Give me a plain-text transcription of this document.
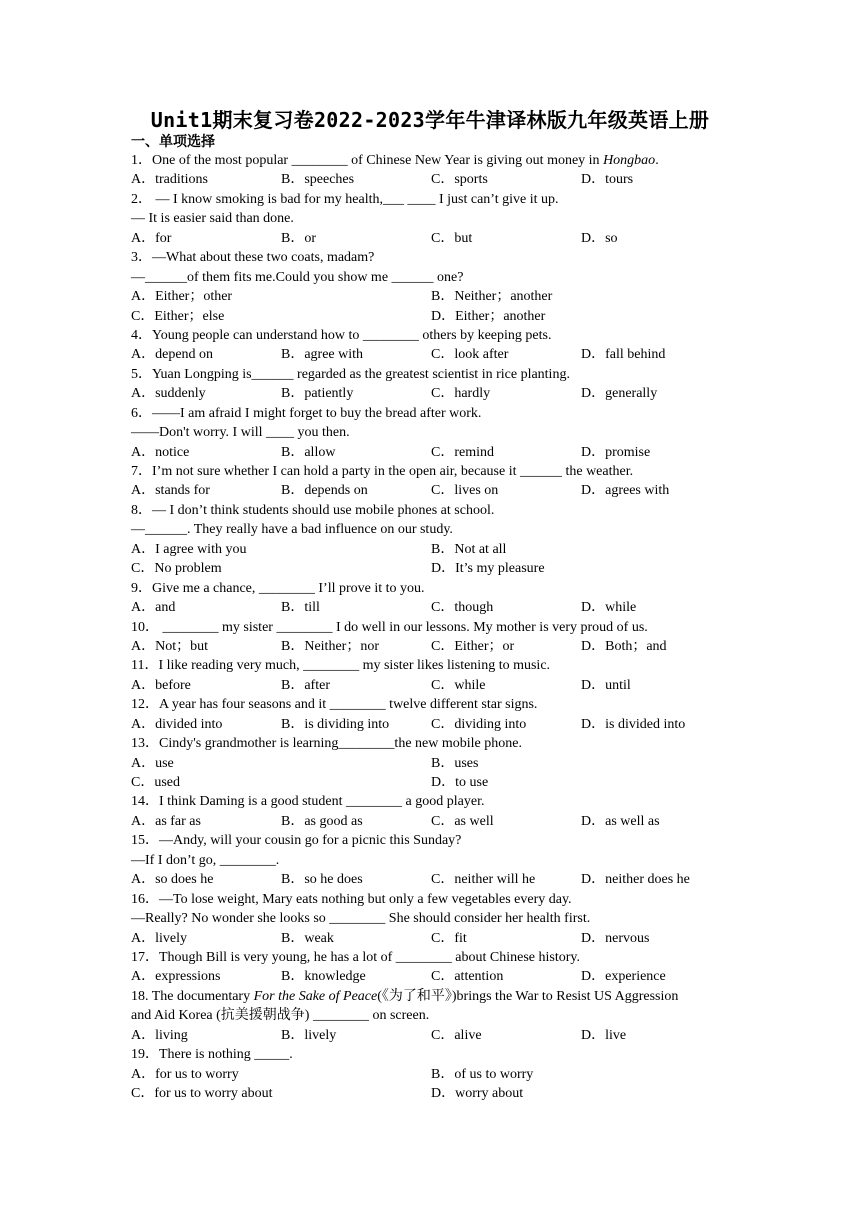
Unit1期末复习卷2022-2023学年牛津译林版九年级英语上册
一、单项选择
1．One of the most popular ________ of Chinese New Year is giving out money in Hongbao.
A．traditions	B．speeches	C．sports	D．tours
2． — I know smoking is bad for my health,___ ____ I just can’t give it up.
— It is easier said than done.
A．for	B．or	C．but	D．so
3．—What about these two coats, madam?
—______of them fits me.Could you show me ______ one?
A．Either；other	B．Neither；another
C．Either；else	D．Either；another
4．Young people can understand how to ________ others by keeping pets.
A．depend on	B．agree with	C．look after	D．fall behind
5．Yuan Longping is______ regarded as the greatest scientist in rice planting.
A．suddenly	B．patiently	C．hardly	D．generally
6．——I am afraid I might forget to buy the bread after work.
——Don't worry. I will ____ you then.
A．notice	B．allow	C．remind	D．promise
7．I’m not sure whether I can hold a party in the open air, because it ______ the weather.
A．stands for	B．depends on	C．lives on	D．agrees with
8．— I don’t think students should use mobile phones at school.
—______. They really have a bad influence on our study.
A．I agree with you	B．Not at all
C．No problem	D．It’s my pleasure
9．Give me a chance, ________ I’ll prove it to you.
A．and	B．till	C．though	D．while
10． ________ my sister ________ I do well in our lessons. My mother is very proud of us.
A．Not；but	B．Neither；nor	C．Either；or	D．Both；and
11．I like reading very much, ________ my sister likes listening to music.
A．before	B．after	C．while	D．until
12．A year has four seasons and it ________ twelve different star signs.
A．divided into	B．is dividing into	C．dividing into	D．is divided into
13．Cindy's grandmother is learning________the new mobile phone.
A．use	B．uses
C．used	D．to use
14．I think Daming is a good student ________ a good player.
A．as far as	B．as good as	C．as well	D．as well as
15．—Andy, will your cousin go for a picnic this Sunday?
—If I don’t go, ________.
A．so does he	B．so he does	C．neither will he	D．neither does he
16．—To lose weight, Mary eats nothing but only a few vegetables every day.
—Really? No wonder she looks so ________ She should consider her health first.
A．lively	B．weak	C．fit	D．nervous
17．Though Bill is very young, he has a lot of ________ about Chinese history.
A．expressions	B．knowledge	C．attention	D．experience
18. The documentary For the Sake of Peace(《为了和平》)brings the War to Resist US Aggression
and Aid Korea (抗美援朝战争) ________ on screen.
A．living	B．lively	C．alive	D．live
19．There is nothing _____.
A．for us to worry	B．of us to worry
C．for us to worry about	D．worry about
